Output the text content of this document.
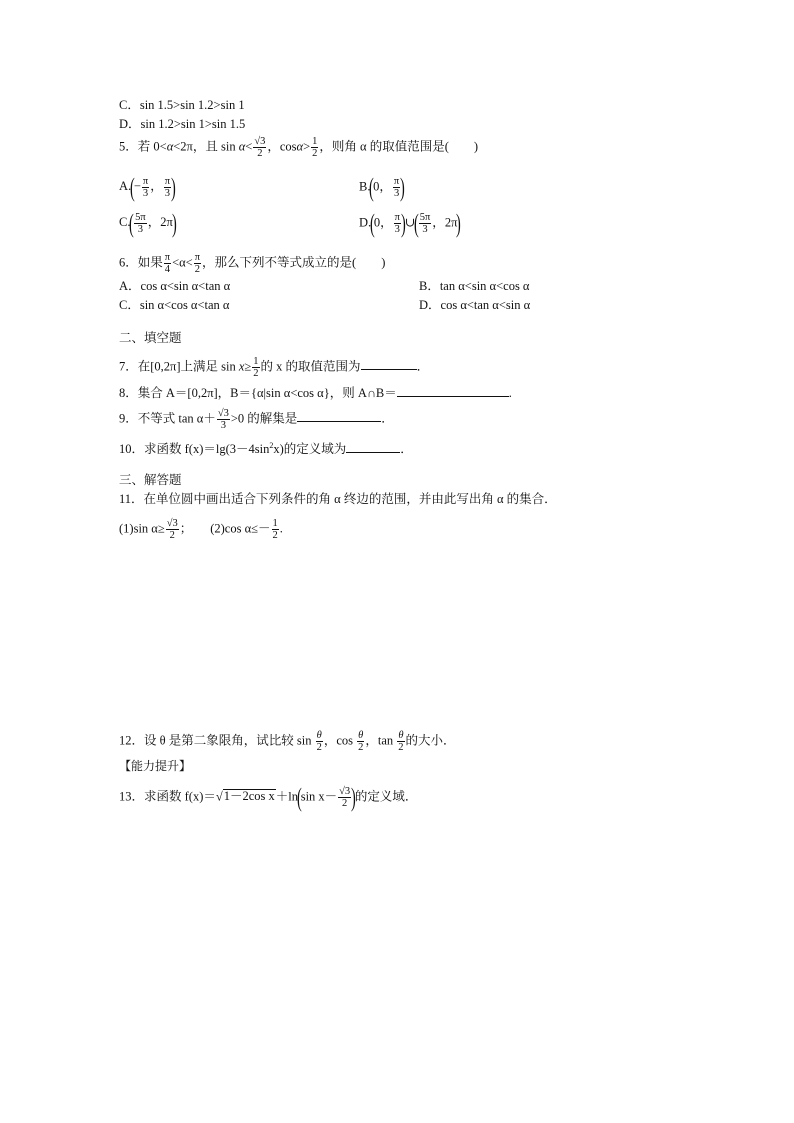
C．sin 1.5>sin 1.2>sin 1
D．sin 1.2>sin 1>sin 1.5
5．若 0<α<2π，且 $\sin \alpha< \frac{√3}{2}$ ，$\cos\alpha> \frac{1}{2}$ ，则角 α 的取值范围是(　　)
$A.(- \frac{\pi}{3}$ ， $\frac{\pi}{3}$ )	B.(0， $\frac{\pi}{3}$ )
$C.( \frac{5\pi}{3}$ ，2π)	D.(0， $\frac{\pi}{3}$ )∪( $\frac{5\pi}{3}$ ，2π)
6．如果 $\frac{\pi}{4} <\alpha< \frac{\pi}{2}$ ，那么下列不等式成立的是(　　)
A．cos α<sin α<tan α	B．tan α<sin α<cos α
C．sin α<cos α<tan α	D．cos α<tan α<sin α
二、填空题
7．在[0,2π]上满足 $\sin x\ge \frac{1}{2}$ 的 x 的取值范围为	．
8．集合 A＝[0,2π]，B＝{α|sin α<cos α}，则 A∩B＝	.
9．不等式 $\tan \alpha+ \frac{√3}{3} >0$ 的解集是	．
10．求函数 $f(x)=\lg(3-4\sin^2x)$的定义域为	．
三、解答题
11．在单位圆中画出适合下列条件的角 α 终边的范围，并由此写出角 α 的集合．
(1)sin $\alpha\ge \frac{√3}{2}$ ； (2)cos $\alpha\le- \frac{1}{2}$ .
12．设 θ 是第二象限角，试比较 $\sin \frac{\theta}{2}$ ，$\cos \frac{\theta}{2}$ ，$\tan \frac{\theta}{2}$ 的大小．
【能力提升】
13．求函数 f(x)＝√1－2cos x＋ln(sin $x- \frac{√3}{2}$ )的定义域．
